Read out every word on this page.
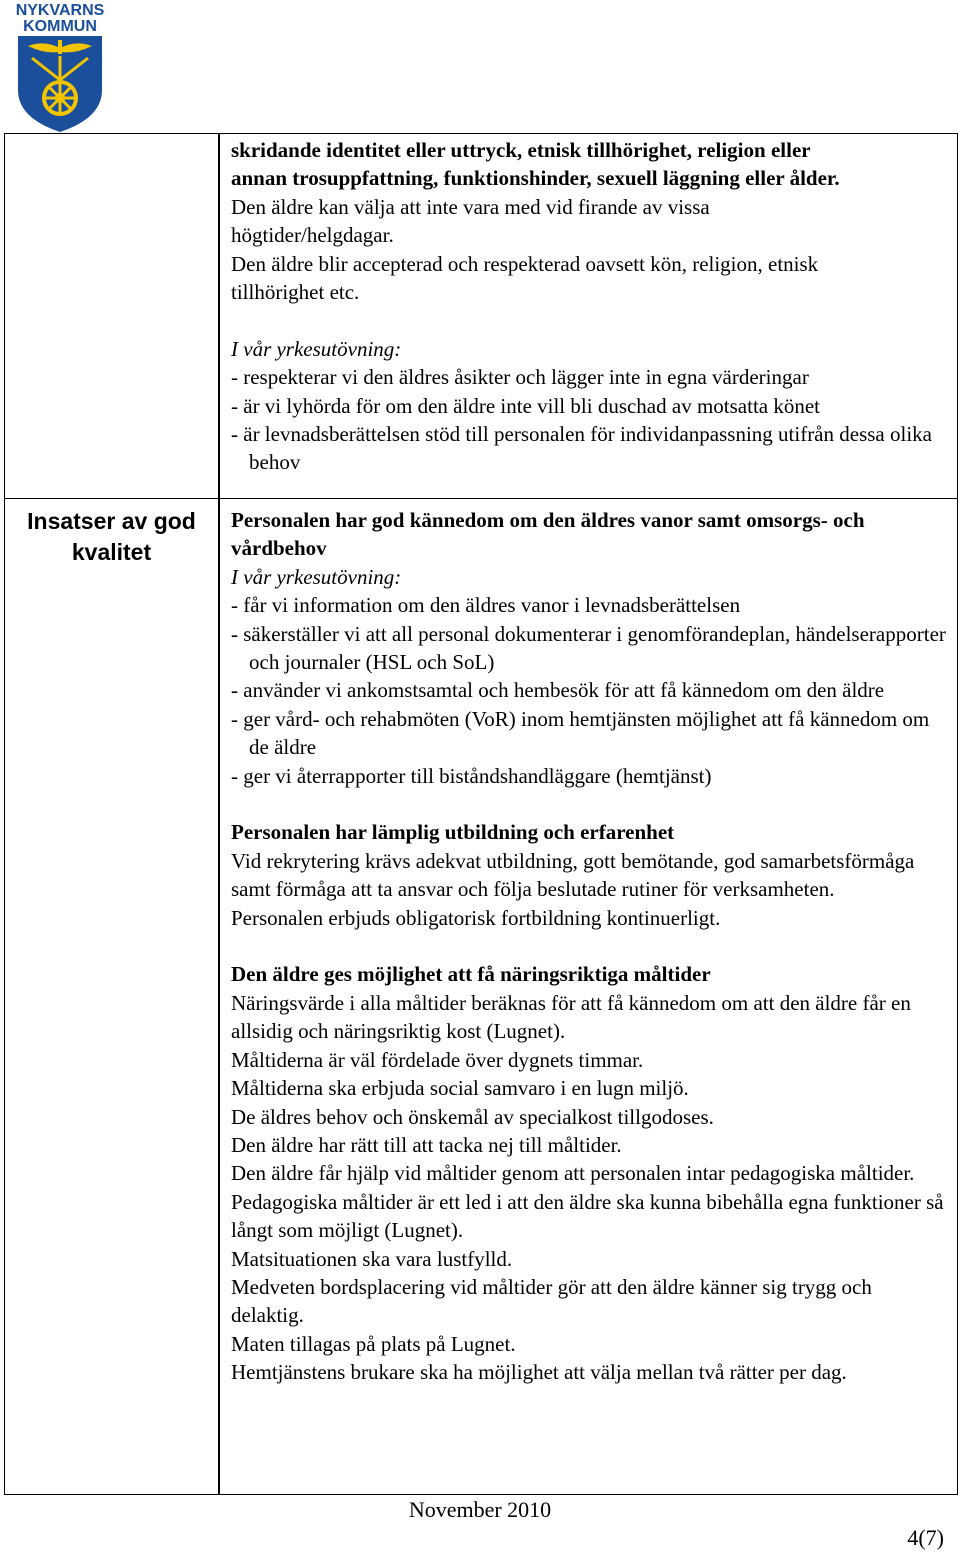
NYKVARNS
KOMMUN
skridande identitet eller uttryck, etnisk tillhörighet, religion eller
annan trosuppfattning, funktionshinder, sexuell läggning eller ålder.
Den äldre kan välja att inte vara med vid firande av vissa
högtider/helgdagar.
Den äldre blir accepterad och respekterad oavsett kön, religion, etnisk
tillhörighet etc.
I vår yrkesutövning:
- respekterar vi den äldres åsikter och lägger inte in egna värderingar
- är vi lyhörda för om den äldre inte vill bli duschad av motsatta könet
- är levnadsberättelsen stöd till personalen för individanpassning utifrån dessa olika behov
Insatser av god kvalitet
Personalen har god kännedom om den äldres vanor samt omsorgs- och vårdbehov
I vår yrkesutövning:
- får vi information om den äldres vanor i levnadsberättelsen
- säkerställer vi att all personal dokumenterar i genomförandeplan, händelserapporter och journaler (HSL och SoL)
- använder vi ankomstsamtal och hembesök för att få kännedom om den äldre
- ger vård- och rehabmöten (VoR) inom hemtjänsten möjlighet att få kännedom om de äldre
- ger vi återrapporter till biståndshandläggare (hemtjänst)
Personalen har lämplig utbildning och erfarenhet
Vid rekrytering krävs adekvat utbildning, gott bemötande, god samarbetsförmåga samt förmåga att ta ansvar och följa beslutade rutiner för verksamheten.
Personalen erbjuds obligatorisk fortbildning kontinuerligt.
Den äldre ges möjlighet att få näringsriktiga måltider
Näringsvärde i alla måltider beräknas för att få kännedom om att den äldre får en allsidig och näringsriktig kost (Lugnet).
Måltiderna är väl fördelade över dygnets timmar.
Måltiderna ska erbjuda social samvaro i en lugn miljö.
De äldres behov och önskemål av specialkost tillgodoses.
Den äldre har rätt till att tacka nej till måltider.
Den äldre får hjälp vid måltider genom att personalen intar pedagogiska måltider. Pedagogiska måltider är ett led i att den äldre ska kunna bibehålla egna funktioner så långt som möjligt (Lugnet).
Matsituationen ska vara lustfylld.
Medveten bordsplacering vid måltider gör att den äldre känner sig trygg och delaktig.
Maten tillagas på plats på Lugnet.
Hemtjänstens brukare ska ha möjlighet att välja mellan två rätter per dag.
November 2010
4(7)
